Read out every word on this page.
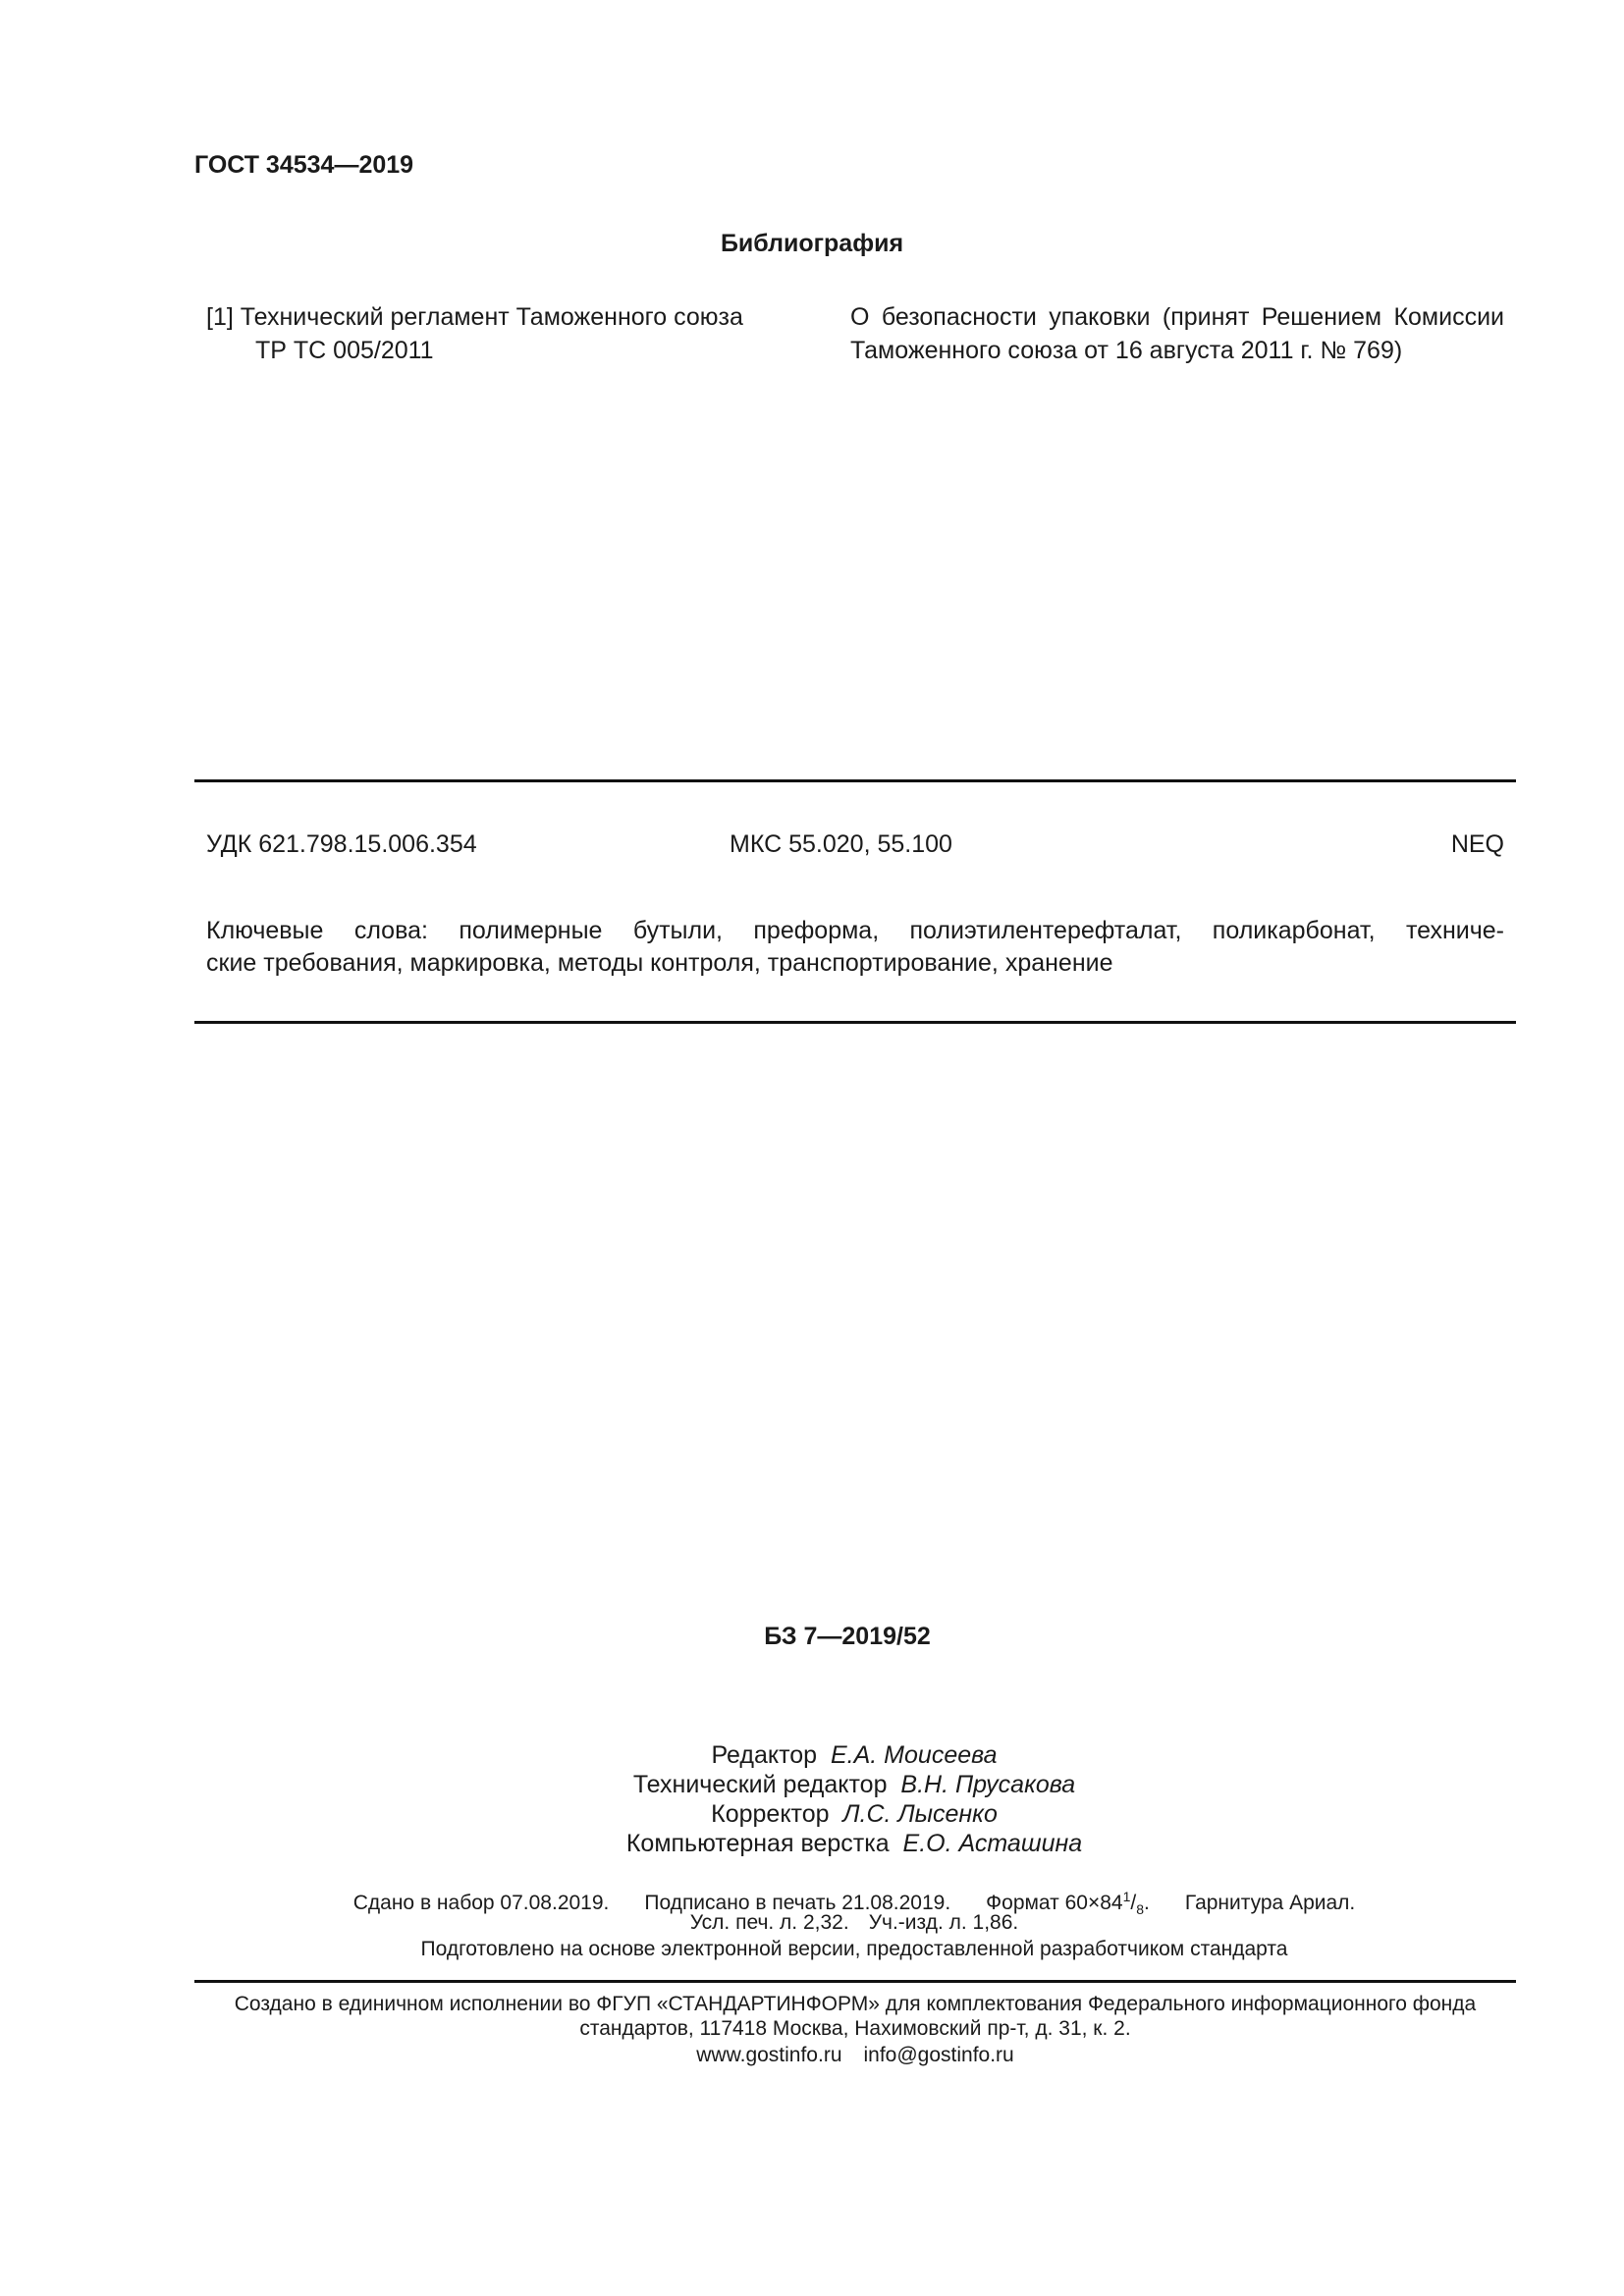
ГОСТ 34534—2019
Библиография
[1] Технический регламент Таможенного союза
ТР ТС 005/2011
О безопасности упаковки (принят Решением Комиссии
Таможенного союза от 16 августа 2011 г. № 769)
УДК 621.798.15.006.354	МКС 55.020, 55.100	NEQ
Ключевые слова: полимерные бутыли, преформа, полиэтилентерефталат, поликарбонат, техниче-
ские требования, маркировка, методы контроля, транспортирование, хранение
БЗ 7—2019/52
Редактор Е.А. Моисеева
Технический редактор В.Н. Прусакова
Корректор Л.С. Лысенко
Компьютерная верстка Е.О. Асташина
Сдано в набор 07.08.2019. Подписано в печать 21.08.2019. Формат $60\times 84^1/_8$. Гарнитура Ариал.
Усл. печ. л. 2,32. Уч.-изд. л. 1,86.
Подготовлено на основе электронной версии, предоставленной разработчиком стандарта
Создано в единичном исполнении во ФГУП «СТАНДАРТИНФОРМ» для комплектования Федерального информационного фонда
стандартов, 117418 Москва, Нахимовский пр-т, д. 31, к. 2.
www.gostinfo.ru info@gostinfo.ru
